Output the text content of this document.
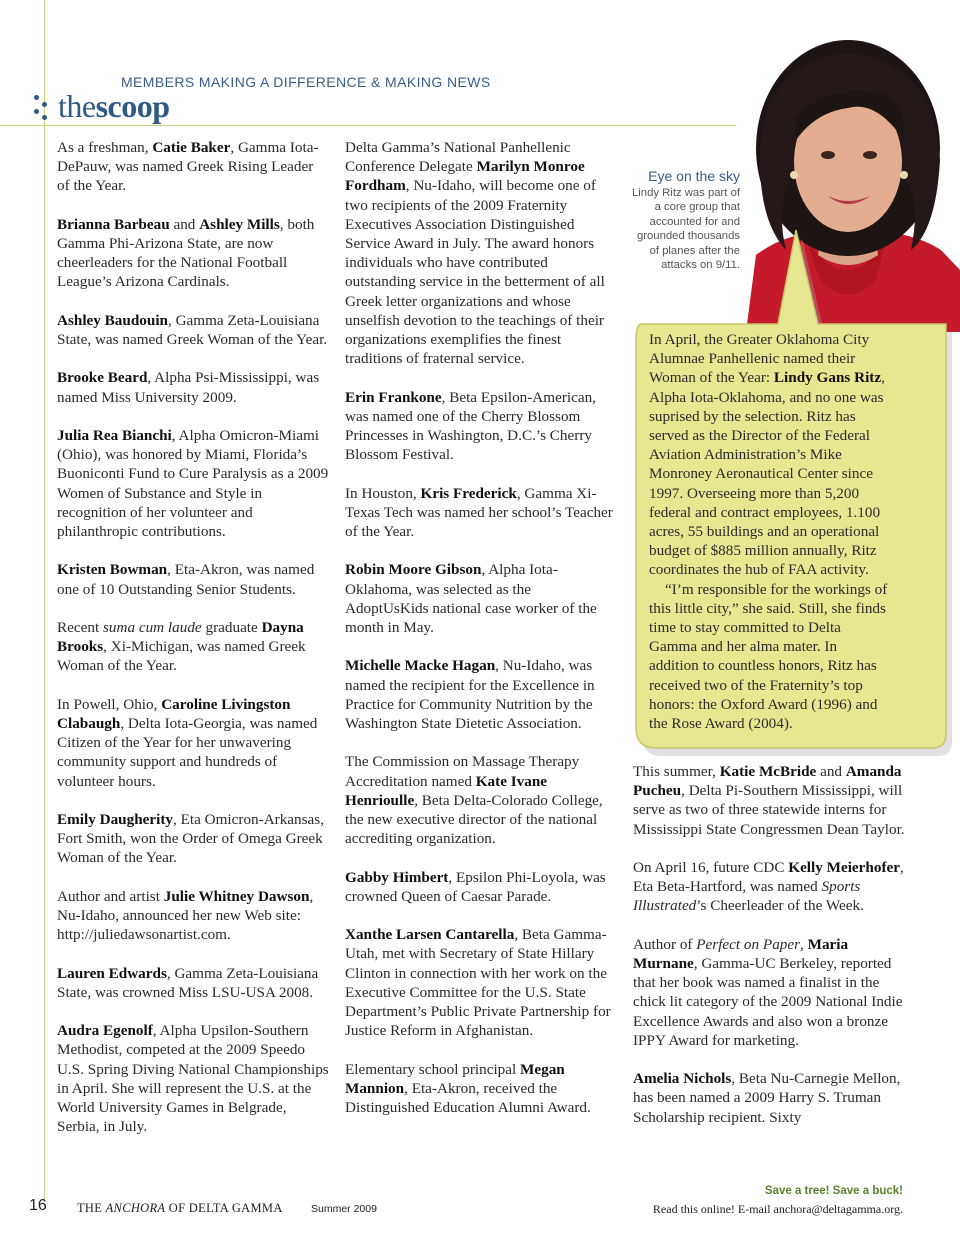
MEMBERS MAKING A DIFFERENCE & MAKING NEWS
thescoop

As a freshman, Catie Baker, Gamma Iota-DePauw, was named Greek Rising Leader of the Year.

Brianna Barbeau and Ashley Mills, both Gamma Phi-Arizona State, are now cheerleaders for the National Football League’s Arizona Cardinals.

Ashley Baudouin, Gamma Zeta-Louisiana State, was named Greek Woman of the Year.

Brooke Beard, Alpha Psi-Mississippi, was named Miss University 2009.

Julia Rea Bianchi, Alpha Omicron-Miami (Ohio), was honored by Miami, Florida’s Buoniconti Fund to Cure Paralysis as a 2009 Women of Substance and Style in recognition of her volunteer and philanthropic contributions.

Kristen Bowman, Eta-Akron, was named one of 10 Outstanding Senior Students.

Recent suma cum laude graduate Dayna Brooks, Xi-Michigan, was named Greek Woman of the Year.

In Powell, Ohio, Caroline Livingston Clabaugh, Delta Iota-Georgia, was named Citizen of the Year for her unwavering community support and hundreds of volunteer hours.

Emily Daugherity, Eta Omicron-Arkansas, Fort Smith, won the Order of Omega Greek Woman of the Year.

Author and artist Julie Whitney Dawson, Nu-Idaho, announced her new Web site: http://juliedawsonartist.com.

Lauren Edwards, Gamma Zeta-Louisiana State, was crowned Miss LSU-USA 2008.

Audra Egenolf, Alpha Upsilon-Southern Methodist, competed at the 2009 Speedo U.S. Spring Diving National Championships in April. She will represent the U.S. at the World University Games in Belgrade, Serbia, in July.

Delta Gamma’s National Panhellenic Conference Delegate Marilyn Monroe Fordham, Nu-Idaho, will become one of two recipients of the 2009 Fraternity Executives Association Distinguished Service Award in July. The award honors individuals who have contributed outstanding service in the betterment of all Greek letter organizations and whose unselfish devotion to the teachings of their organizations exemplifies the finest traditions of fraternal service.

Erin Frankone, Beta Epsilon-American, was named one of the Cherry Blossom Princesses in Washington, D.C.’s Cherry Blossom Festival.

In Houston, Kris Frederick, Gamma Xi-Texas Tech was named her school’s Teacher of the Year.

Robin Moore Gibson, Alpha Iota-Oklahoma, was selected as the AdoptUsKids national case worker of the month in May.

Michelle Macke Hagan, Nu-Idaho, was named the recipient for the Excellence in Practice for Community Nutrition by the Washington State Dietetic Association.

The Commission on Massage Therapy Accreditation named Kate Ivane Henrioulle, Beta Delta-Colorado College, the new executive director of the national accrediting organization.

Gabby Himbert, Epsilon Phi-Loyola, was crowned Queen of Caesar Parade.

Xanthe Larsen Cantarella, Beta Gamma-Utah, met with Secretary of State Hillary Clinton in connection with her work on the Executive Committee for the U.S. State Department’s Public Private Partnership for Justice Reform in Afghanistan.

Elementary school principal Megan Mannion, Eta-Akron, received the Distinguished Education Alumni Award.

Eye on the sky
Lindy Ritz was part of a core group that accounted for and grounded thousands of planes after the attacks on 9/11.

In April, the Greater Oklahoma City Alumnae Panhellenic named their Woman of the Year: Lindy Gans Ritz, Alpha Iota-Oklahoma, and no one was suprised by the selection. Ritz has served as the Director of the Federal Aviation Administration’s Mike Monroney Aeronautical Center since 1997. Overseeing more than 5,200 federal and contract employees, 1.100 acres, 55 buildings and an operational budget of $885 million annually, Ritz coordinates the hub of FAA activity.

“I’m responsible for the workings of this little city,” she said. Still, she finds time to stay committed to Delta Gamma and her alma mater. In addition to countless honors, Ritz has received two of the Fraternity’s top honors: the Oxford Award (1996) and the Rose Award (2004).

This summer, Katie McBride and Amanda Pucheu, Delta Pi-Southern Mississippi, will serve as two of three statewide interns for Mississippi State Congressmen Dean Taylor.

On April 16, future CDC Kelly Meierhofer, Eta Beta-Hartford, was named Sports Illustrated’s Cheerleader of the Week.

Author of Perfect on Paper, Maria Murnane, Gamma-UC Berkeley, reported that her book was named a finalist in the chick lit category of the 2009 National Indie Excellence Awards and also won a bronze IPPY Award for marketing.

Amelia Nichols, Beta Nu-Carnegie Mellon, has been named a 2009 Harry S. Truman Scholarship recipient. Sixty

16 THE ANCHORA OF DELTA GAMMA	Summer 2009
Save a tree! Save a buck!
Read this online! E-mail anchora@deltagamma.org.
